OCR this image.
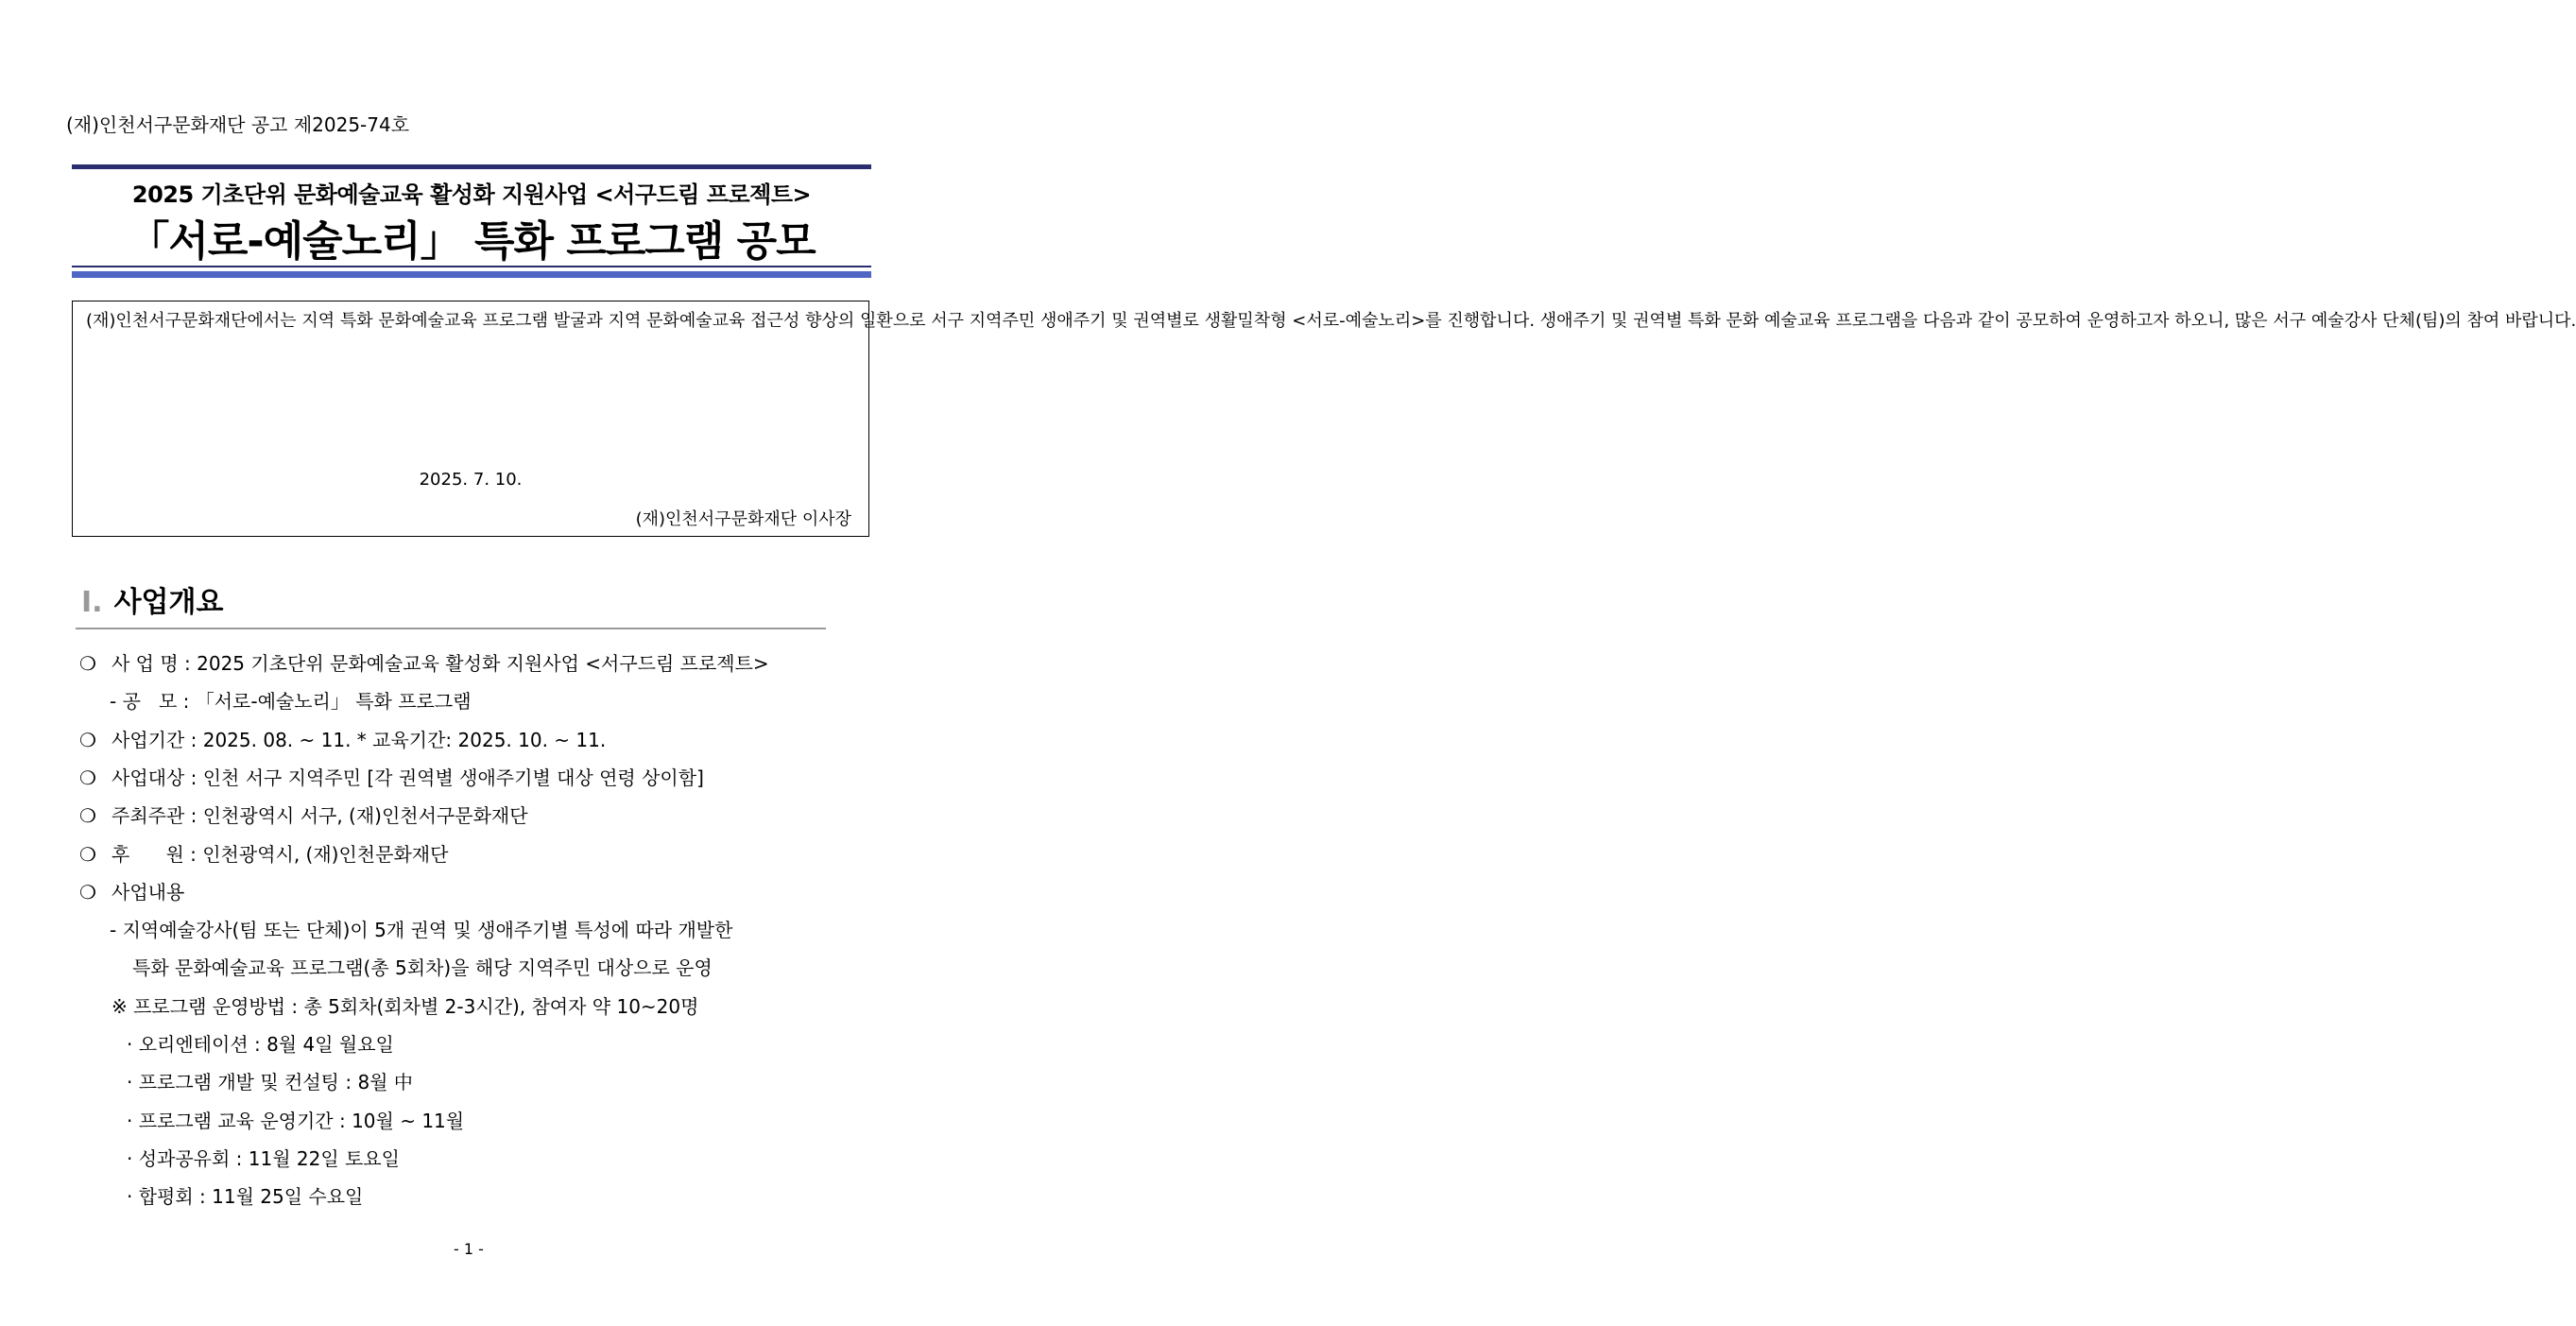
(재)인천서구문화재단 공고 제2025-74호
2025 기초단위 문화예술교육 활성화 지원사업 <서구드림 프로젝트>
「서로-예술노리」 특화 프로그램 공모
(재)인천서구문화재단에서는 지역 특화 문화예술교육 프로그램 발굴과 지역 문화예술교육 접근성 향상의 일환으로 서구 지역주민 생애주기 및 권역별로 생활밀착형 <서로-예술노리>를 진행합니다. 생애주기 및 권역별 특화 문화 예술교육 프로그램을 다음과 같이 공모하여 운영하고자 하오니, 많은 서구 예술강사 단체(팀)의 참여 바랍니다.
2025. 7. 10.
(재)인천서구문화재단 이사장
Ⅰ. 사업개요
❍ 사 업 명 : 2025 기초단위 문화예술교육 활성화 지원사업 <서구드림 프로젝트>
- 공   모 : 「서로-예술노리」 특화 프로그램
❍ 사업기간 : 2025. 08. ~ 11. * 교육기간: 2025. 10. ~ 11.
❍ 사업대상 : 인천 서구 지역주민 [각 권역별 생애주기별 대상 연령 상이함]
❍ 주최주관 : 인천광역시 서구, (재)인천서구문화재단
❍ 후      원 : 인천광역시, (재)인천문화재단
❍ 사업내용
- 지역예술강사(팀 또는 단체)이 5개 권역 및 생애주기별 특성에 따라 개발한
특화 문화예술교육 프로그램(총 5회차)을 해당 지역주민 대상으로 운영
※ 프로그램 운영방법 : 총 5회차(회차별 2-3시간), 참여자 약 10~20명
· 오리엔테이션 : 8월 4일 월요일
· 프로그램 개발 및 컨설팅 : 8월 中
· 프로그램 교육 운영기간 : 10월 ~ 11월
· 성과공유회 : 11월 22일 토요일
· 합평회 : 11월 25일 수요일
- 1 -
